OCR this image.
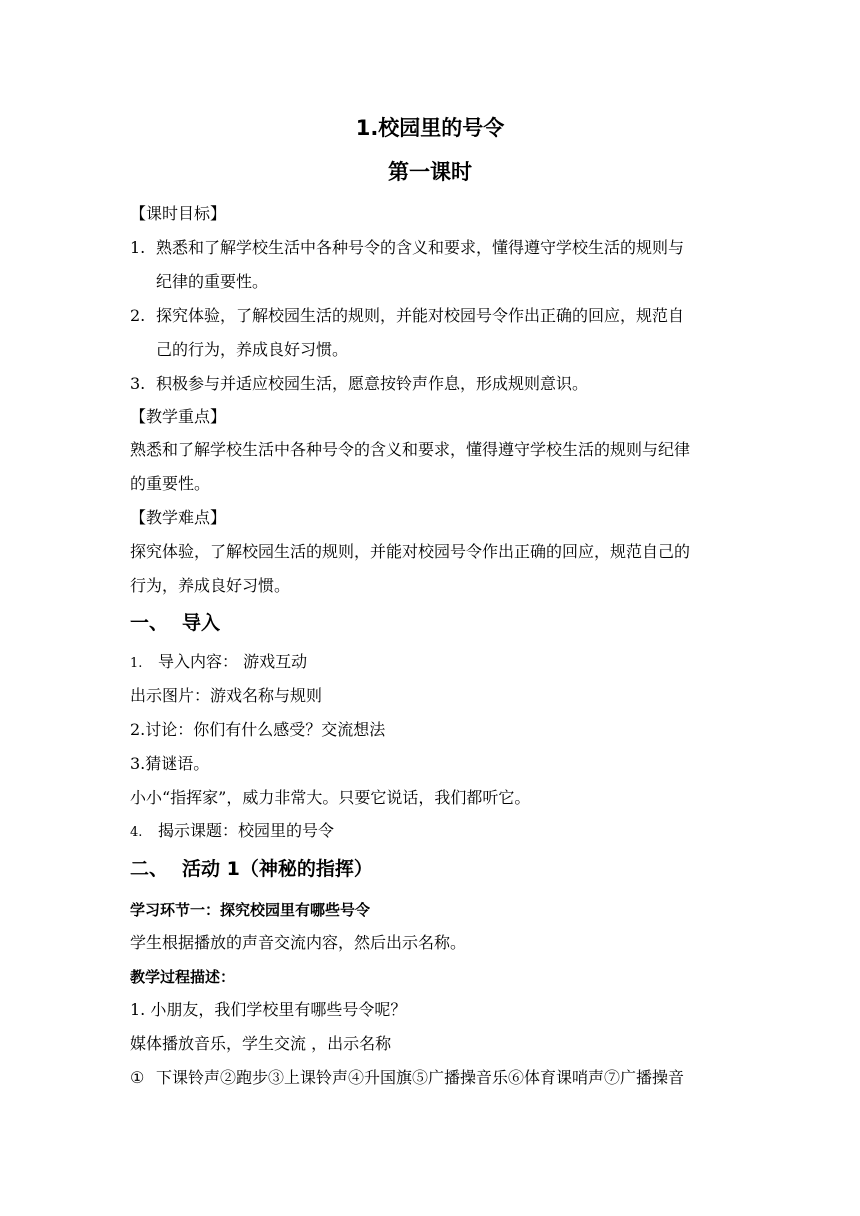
1.校园里的号令
第一课时
【课时目标】
1. 熟悉和了解学校生活中各种号令的含义和要求，懂得遵守学校生活的规则与
纪律的重要性。
2. 探究体验，了解校园生活的规则，并能对校园号令作出正确的回应，规范自
己的行为，养成良好习惯。
3. 积极参与并适应校园生活，愿意按铃声作息，形成规则意识。
【教学重点】
熟悉和了解学校生活中各种号令的含义和要求，懂得遵守学校生活的规则与纪律
的重要性。
【教学难点】
探究体验，了解校园生活的规则，并能对校园号令作出正确的回应，规范自己的
行为，养成良好习惯。
一、 导入
1. 导入内容： 游戏互动
出示图片：游戏名称与规则
2.讨论：你们有什么感受？交流想法
3.猜谜语。
小小“指挥家”，威力非常大。只要它说话，我们都听它。
4. 揭示课题：校园里的号令
二、 活动 1（神秘的指挥）
学习环节一：探究校园里有哪些号令
学生根据播放的声音交流内容，然后出示名称。
教学过程描述：
1. 小朋友，我们学校里有哪些号令呢？
媒体播放音乐，学生交流 ，出示名称
① 下课铃声②跑步③上课铃声④升国旗⑤广播操音乐⑥体育课哨声⑦广播操音
